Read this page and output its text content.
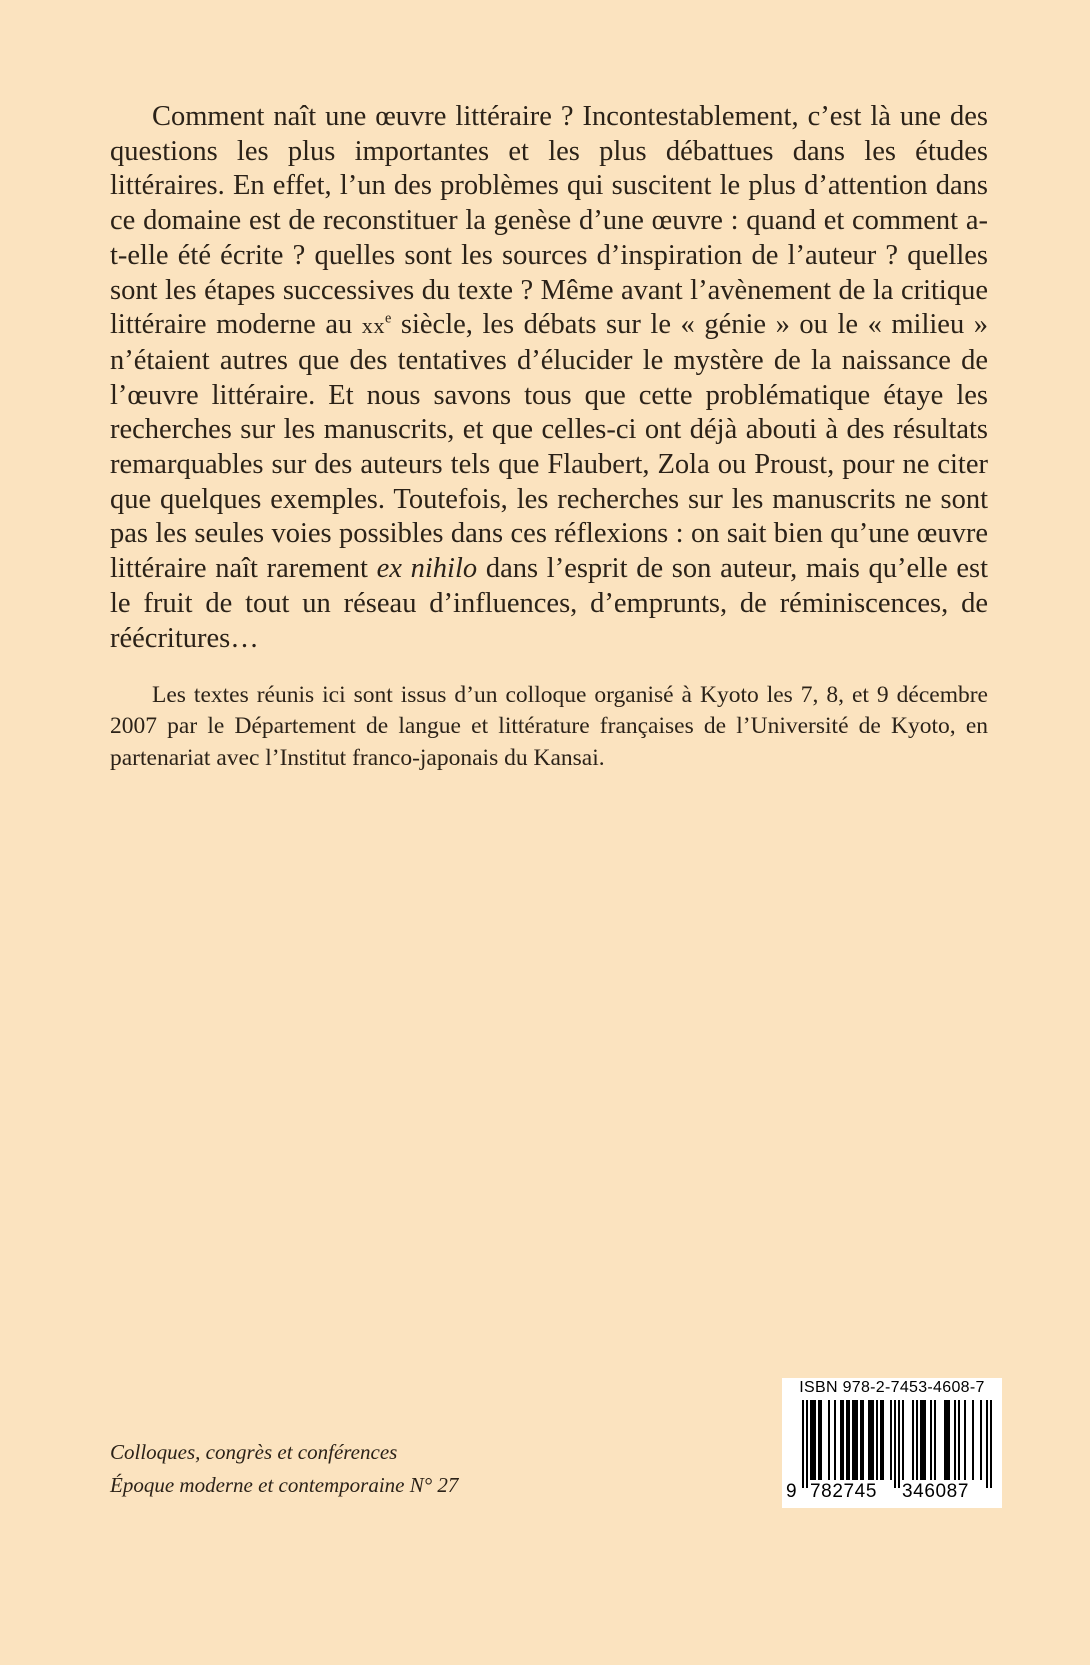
Comment naît une œuvre littéraire ? Incontestablement, c’est là une des questions les plus importantes et les plus débattues dans les études littéraires. En effet, l’un des problèmes qui suscitent le plus d’attention dans ce domaine est de reconstituer la genèse d’une œuvre : quand et comment a-t-elle été écrite ? quelles sont les sources d’inspiration de l’auteur ? quelles sont les étapes successives du texte ? Même avant l’avènement de la critique littéraire moderne au $xx^e$ siècle, les débats sur le « génie » ou le « milieu » n’étaient autres que des tentatives d’élucider le mystère de la naissance de l’œuvre littéraire. Et nous savons tous que cette problématique étaye les recherches sur les manuscrits, et que celles-ci ont déjà abouti à des résultats remarquables sur des auteurs tels que Flaubert, Zola ou Proust, pour ne citer que quelques exemples. Toutefois, les recherches sur les manuscrits ne sont pas les seules voies possibles dans ces réflexions : on sait bien qu’une œuvre littéraire naît rarement ex nihilo dans l’esprit de son auteur, mais qu’elle est le fruit de tout un réseau d’influences, d’emprunts, de réminiscences, de réécritures…

Les textes réunis ici sont issus d’un colloque organisé à Kyoto les 7, 8, et 9 décembre 2007 par le Département de langue et littérature françaises de l’Université de Kyoto, en partenariat avec l’Institut franco-japonais du Kansai.

Colloques, congrès et conférences
Époque moderne et contemporaine N° 27
ISBN 978-2-7453-4608-7
9 782745 346087
